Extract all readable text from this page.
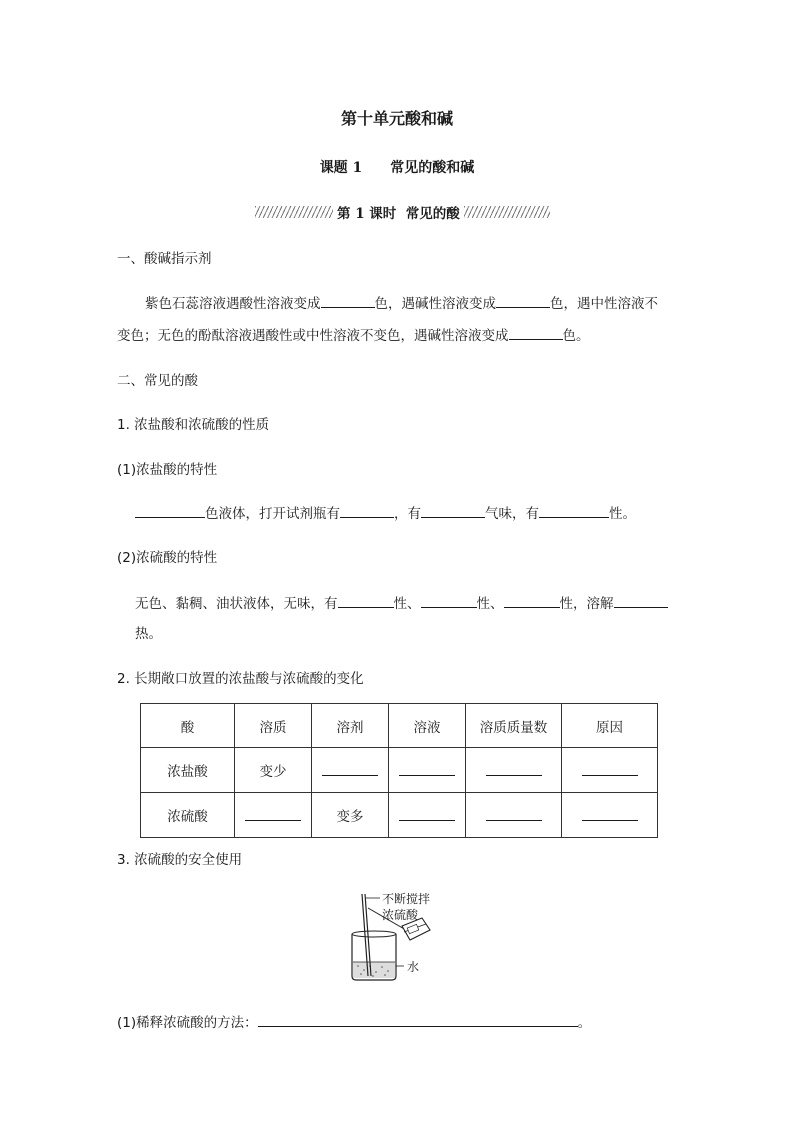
第十单元酸和碱
课题 1　　常见的酸和碱
第 1 课时  常见的酸
一、酸碱指示剂
紫色石蕊溶液遇酸性溶液变成	色，遇碱性溶液变成	色，遇中性溶液不
变色；无色的酚酞溶液遇酸性或中性溶液不变色，遇碱性溶液变成	色。
二、常见的酸
1. 浓盐酸和浓硫酸的性质
(1)浓盐酸的特性
色液体，打开试剂瓶有	，有	气味，有	性。
(2)浓硫酸的特性
无色、黏稠、油状液体，无味，有	性、	性、	性，溶解
热。
2. 长期敞口放置的浓盐酸与浓硫酸的变化
酸	溶质	溶剂	溶液	溶质质量数	原因
浓盐酸	变少				
浓硫酸		变多			
3. 浓硫酸的安全使用
不断搅拌
浓硫酸
水
(1)稀释浓硫酸的方法：	。
